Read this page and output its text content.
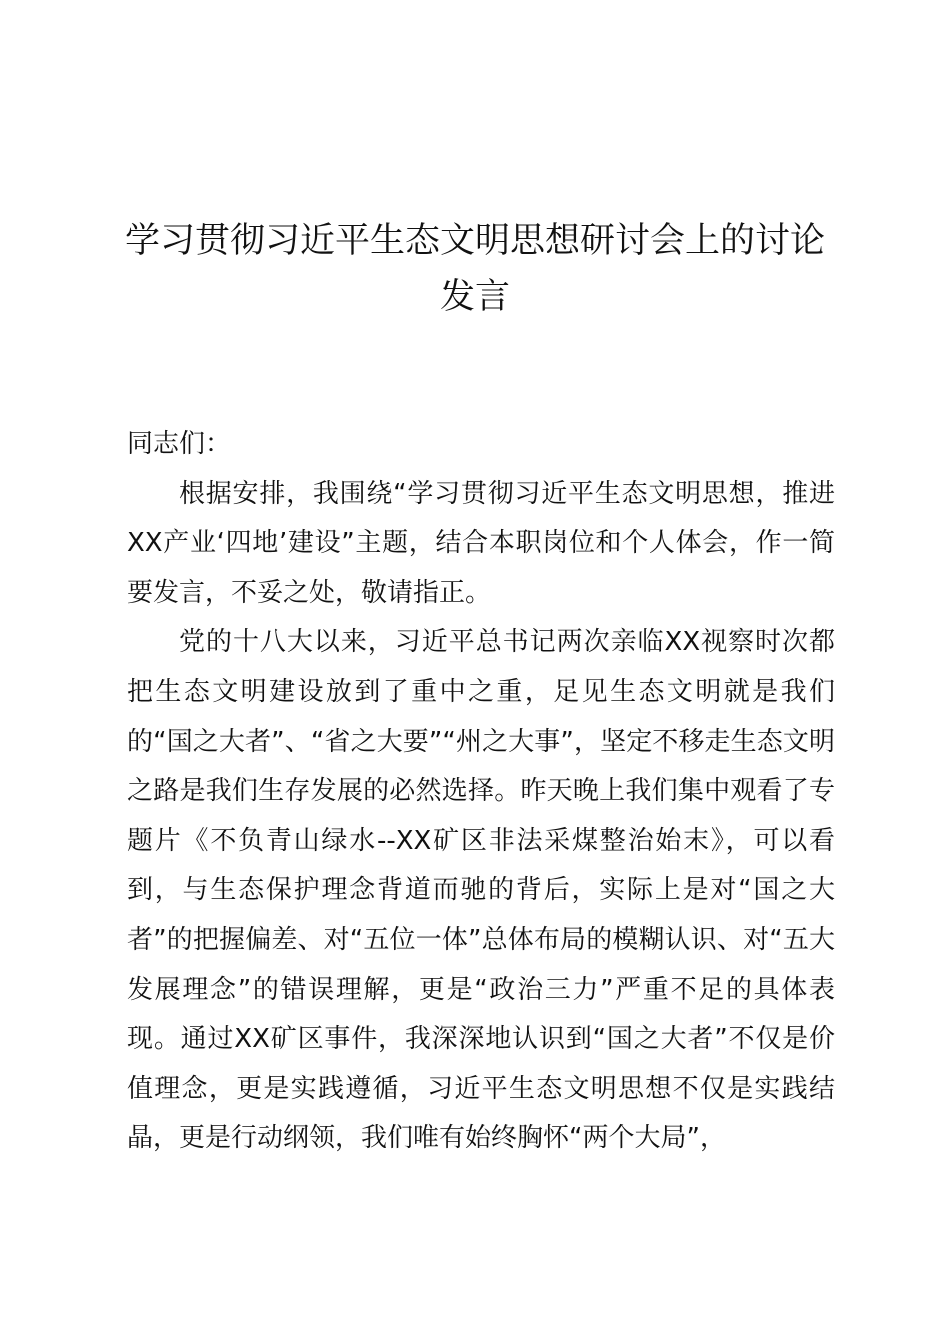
学习贯彻习近平生态文明思想研讨会上的讨论发言

同志们：

根据安排，我围绕“学习贯彻习近平生态文明思想，推进XX产业‘四地’建设”主题，结合本职岗位和个人体会，作一简要发言，不妥之处，敬请指正。

党的十八大以来，习近平总书记两次亲临XX视察时次都把生态文明建设放到了重中之重，足见生态文明就是我们的“国之大者”、“省之大要”“州之大事”，坚定不移走生态文明之路是我们生存发展的必然选择。昨天晚上我们集中观看了专题片《不负青山绿水--XX矿区非法采煤整治始末》，可以看到，与生态保护理念背道而驰的背后，实际上是对“国之大者”的把握偏差、对“五位一体”总体布局的模糊认识、对“五大发展理念”的错误理解，更是“政治三力”严重不足的具体表现。通过XX矿区事件，我深深地认识到“国之大者”不仅是价值理念，更是实践遵循，习近平生态文明思想不仅是实践结晶，更是行动纲领，我们唯有始终胸怀“两个大局”，
